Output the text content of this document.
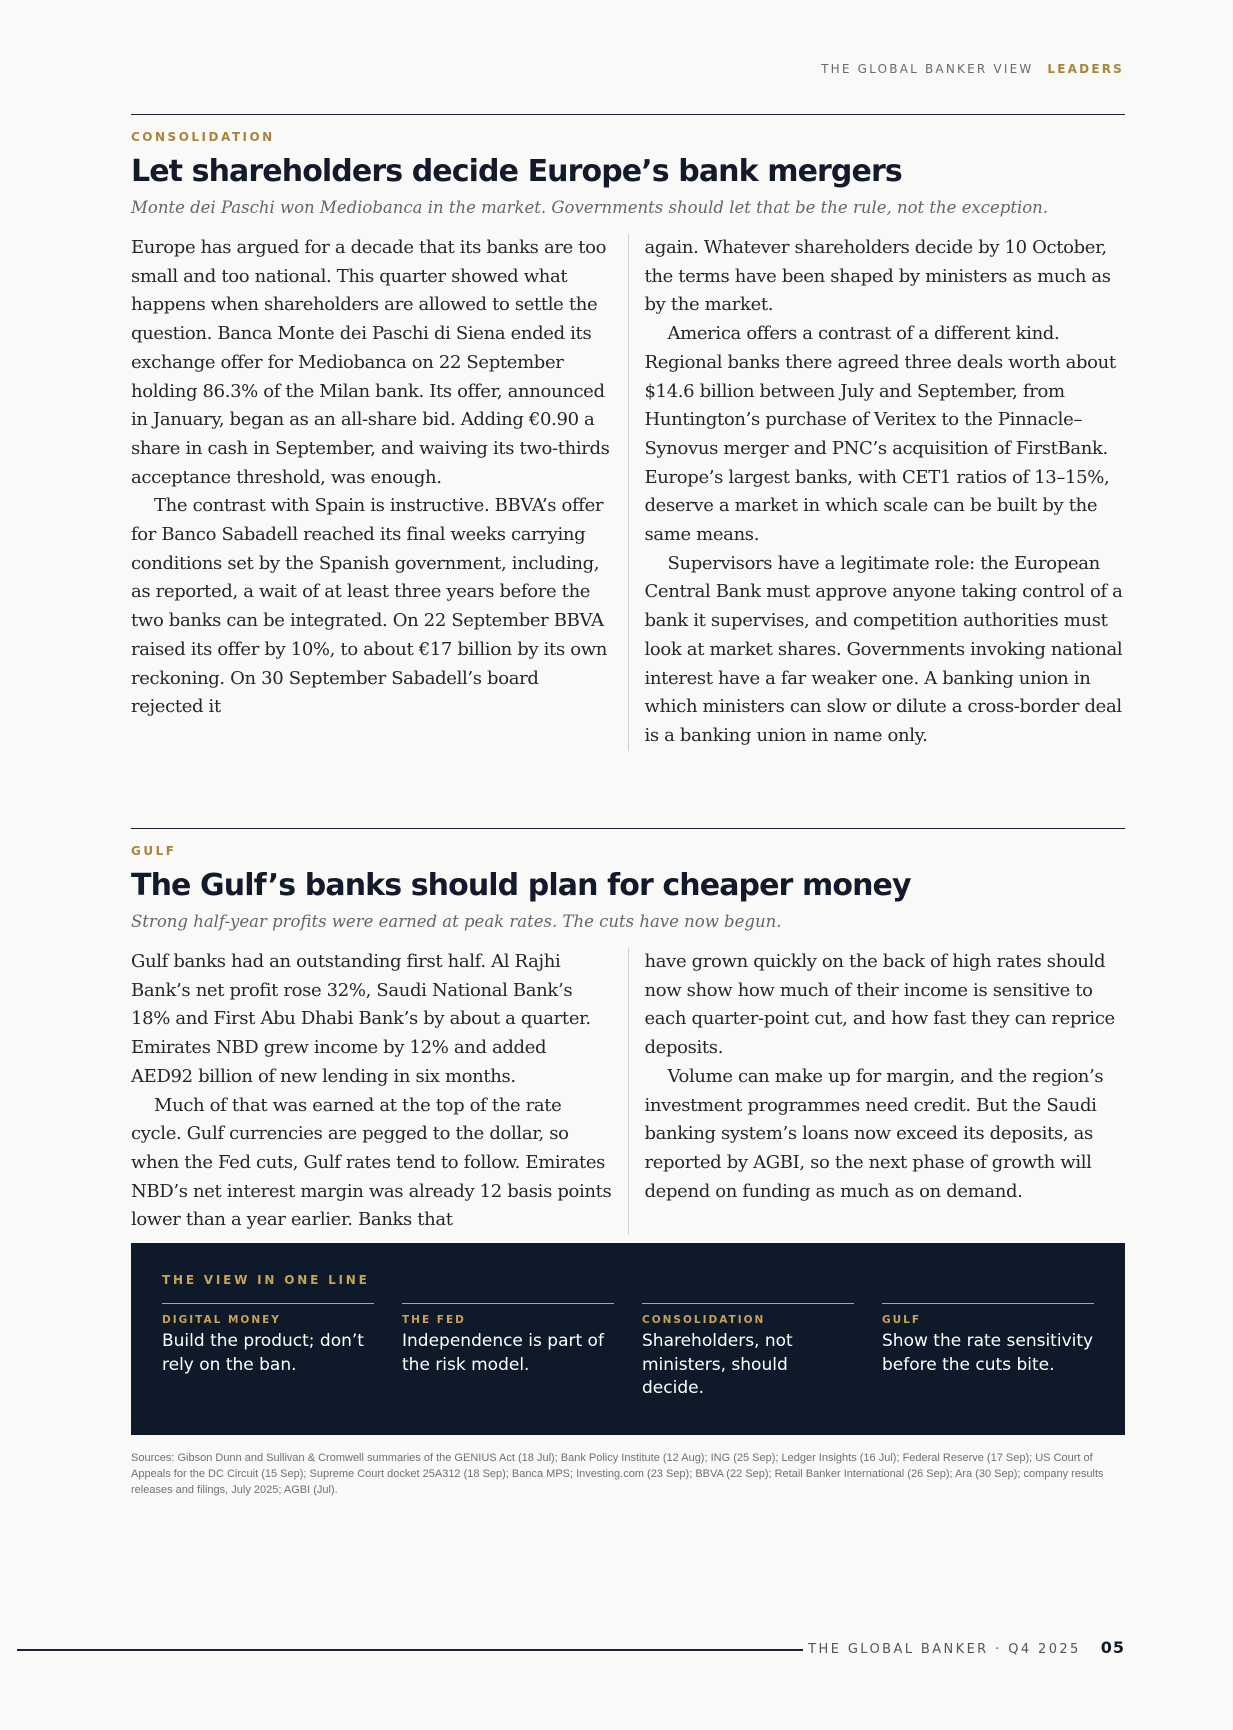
THE GLOBAL BANKER VIEW LEADERS
CONSOLIDATION
Let shareholders decide Europe’s bank mergers
Monte dei Paschi won Mediobanca in the market. Governments should let that be the rule, not the exception.

Europe has argued for a decade that its banks are too small and too national. This quarter showed what happens when shareholders are allowed to settle the question. Banca Monte dei Paschi di Siena ended its exchange offer for Mediobanca on 22 September holding 86.3% of the Milan bank. Its offer, announced in January, began as an all-share bid. Adding €0.90 a share in cash in September, and waiving its two-thirds acceptance threshold, was enough.

The contrast with Spain is instructive. BBVA’s offer for Banco Sabadell reached its final weeks carrying conditions set by the Spanish government, including, as reported, a wait of at least three years before the two banks can be integrated. On 22 September BBVA raised its offer by 10%, to about €17 billion by its own reckoning. On 30 September Sabadell’s board rejected it

again. Whatever shareholders decide by 10 October, the terms have been shaped by ministers as much as by the market.

America offers a contrast of a different kind. Regional banks there agreed three deals worth about $14.6 billion between July and September, from Huntington’s purchase of Veritex to the Pinnacle–Synovus merger and PNC’s acquisition of FirstBank. Europe’s largest banks, with CET1 ratios of 13–15%, deserve a market in which scale can be built by the same means.

Supervisors have a legitimate role: the European Central Bank must approve anyone taking control of a bank it supervises, and competition authorities must look at market shares. Governments invoking national interest have a far weaker one. A banking union in which ministers can slow or dilute a cross-border deal is a banking union in name only.

GULF
The Gulf’s banks should plan for cheaper money
Strong half-year profits were earned at peak rates. The cuts have now begun.

Gulf banks had an outstanding first half. Al Rajhi Bank’s net profit rose 32%, Saudi National Bank’s 18% and First Abu Dhabi Bank’s by about a quarter. Emirates NBD grew income by 12% and added AED92 billion of new lending in six months.

Much of that was earned at the top of the rate cycle. Gulf currencies are pegged to the dollar, so when the Fed cuts, Gulf rates tend to follow. Emirates NBD’s net interest margin was already 12 basis points lower than a year earlier. Banks that

have grown quickly on the back of high rates should now show how much of their income is sensitive to each quarter-point cut, and how fast they can reprice deposits.

Volume can make up for margin, and the region’s investment programmes need credit. But the Saudi banking system’s loans now exceed its deposits, as reported by AGBI, so the next phase of growth will depend on funding as much as on demand.

THE VIEW IN ONE LINE
DIGITAL MONEY
Build the product; don’t rely on the ban.
THE FED
Independence is part of the risk model.
CONSOLIDATION
Shareholders, not ministers, should decide.
GULF
Show the rate sensitivity before the cuts bite.
Sources: Gibson Dunn and Sullivan & Cromwell summaries of the GENIUS Act (18 Jul); Bank Policy Institute (12 Aug); ING (25 Sep); Ledger Insights (16 Jul); Federal Reserve (17 Sep); US Court of Appeals for the DC Circuit (15 Sep); Supreme Court docket 25A312 (18 Sep); Banca MPS; Investing.com (23 Sep); BBVA (22 Sep); Retail Banker International (26 Sep); Ara (30 Sep); company results releases and filings, July 2025; AGBI (Jul).
THE GLOBAL BANKER · Q4 2025 05
